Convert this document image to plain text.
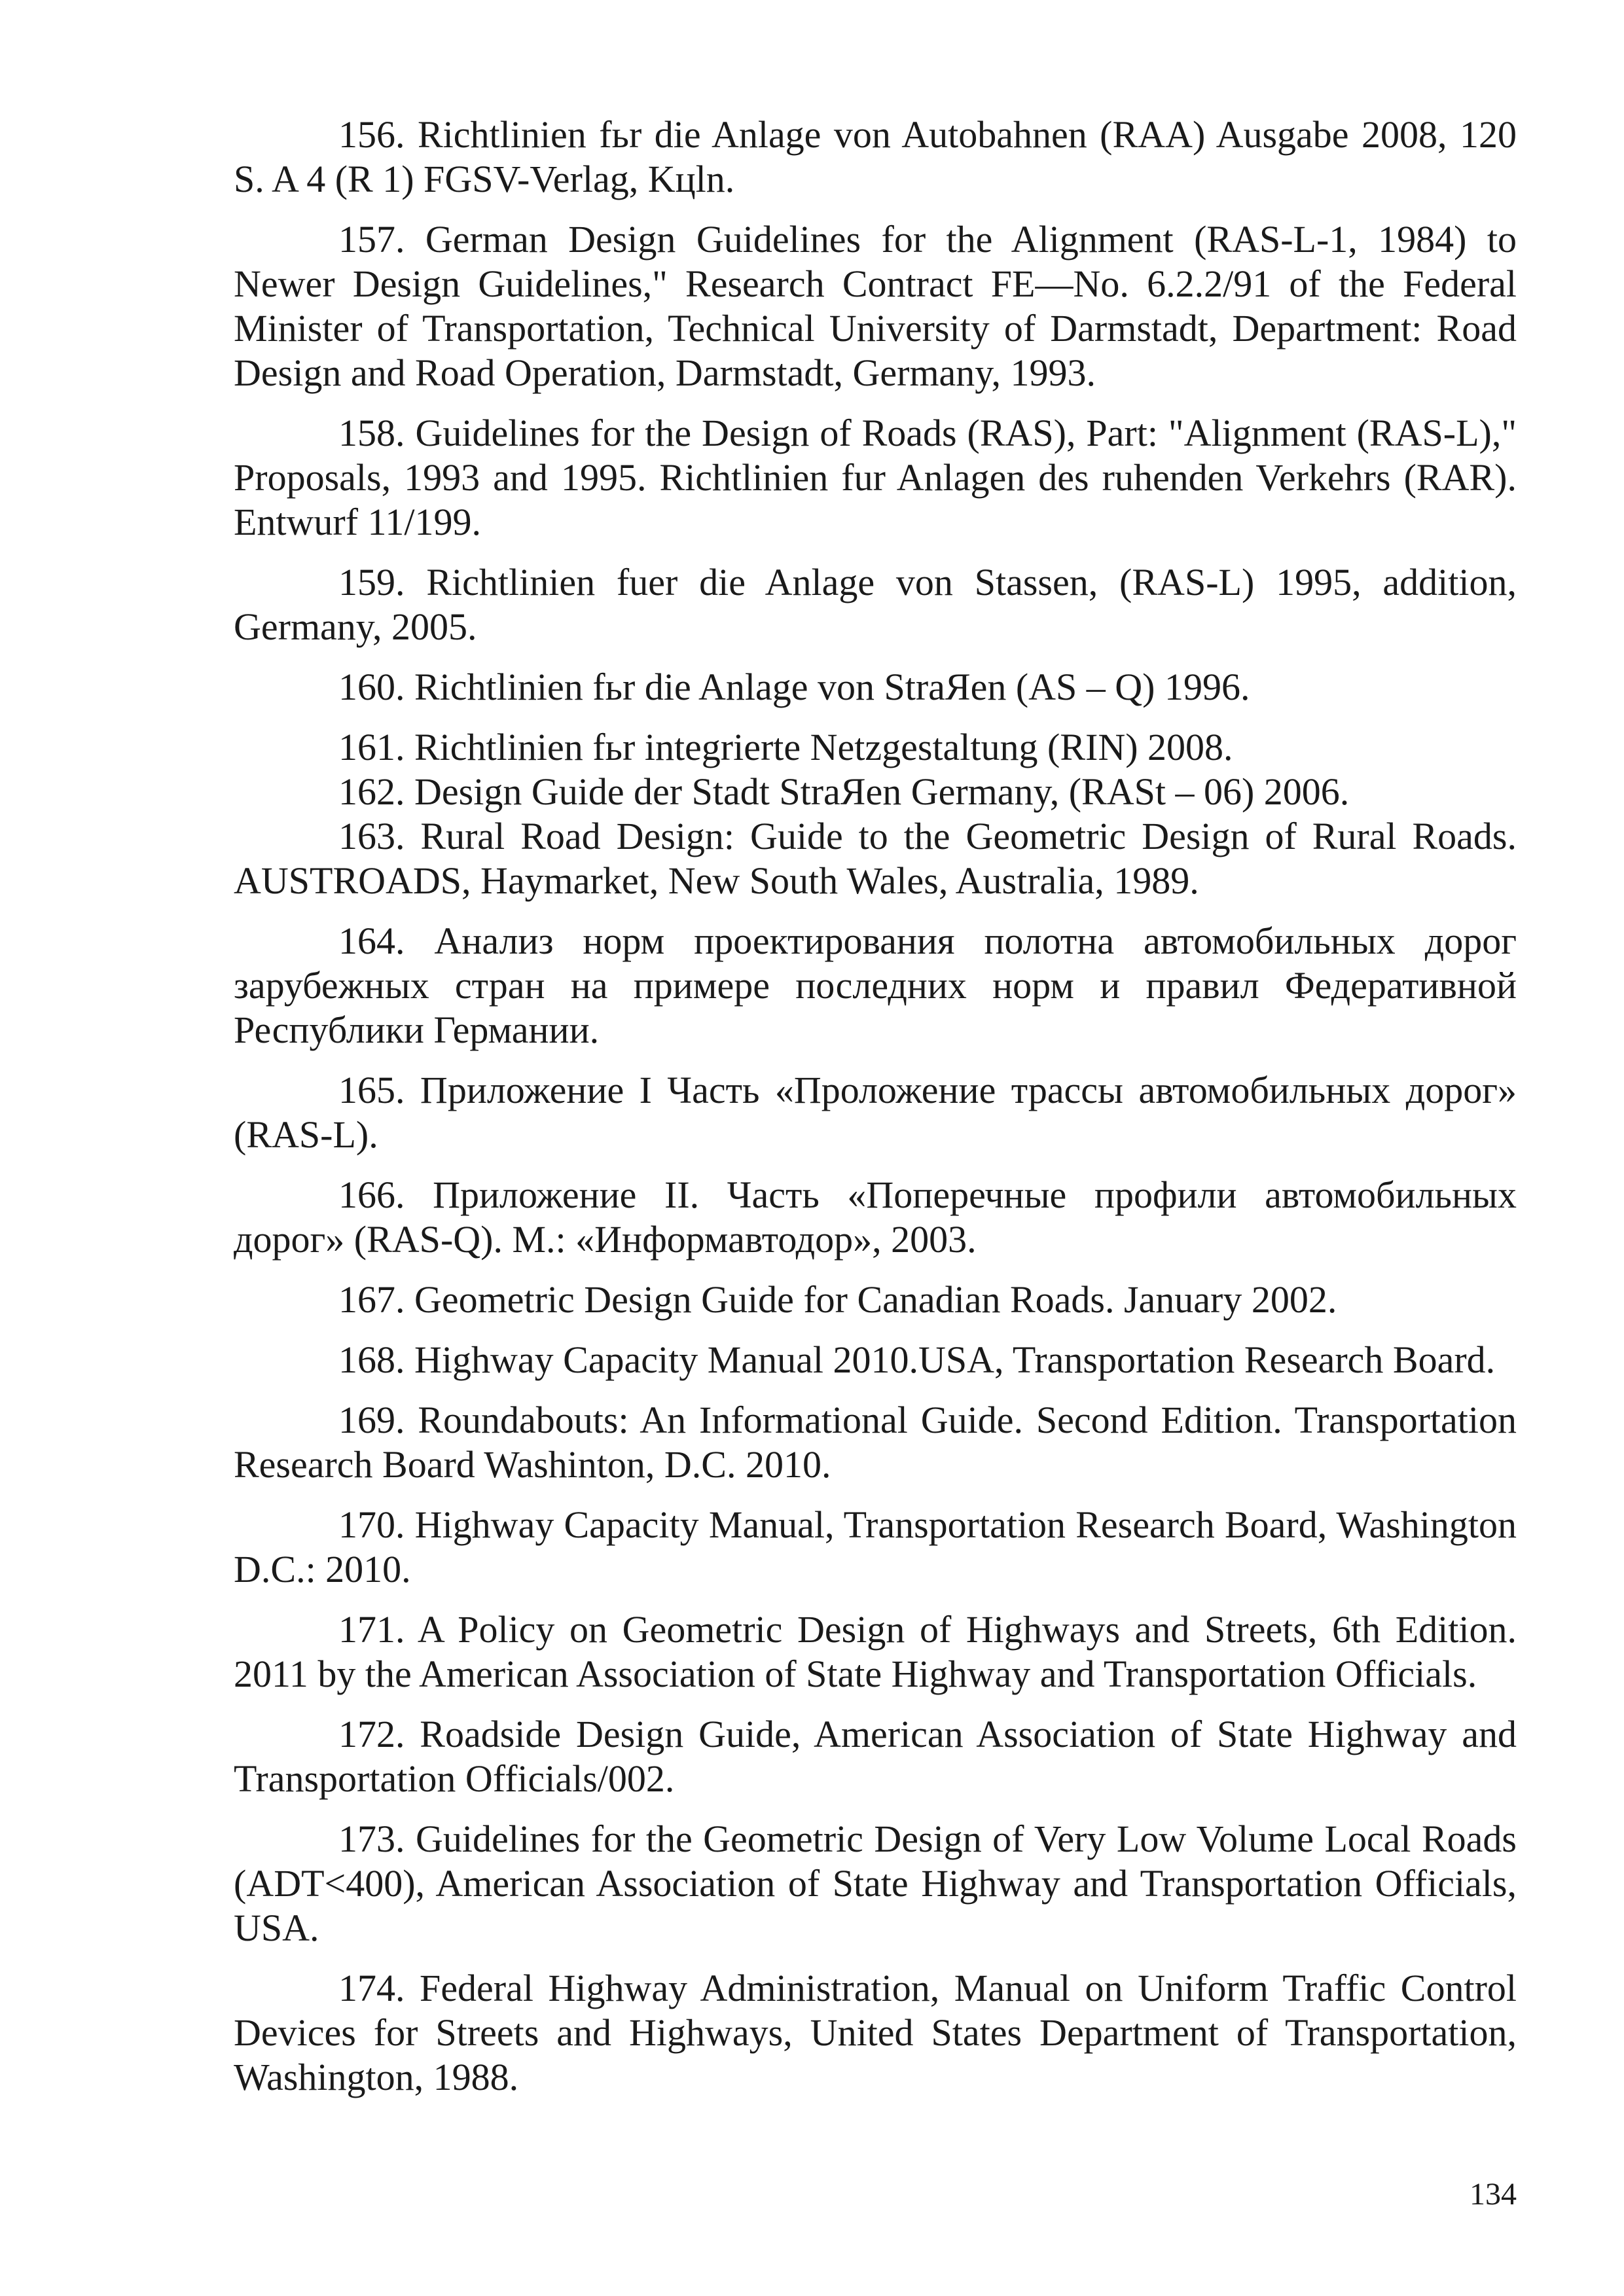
156. Richtlinien fьr die Anlage von Autobahnen (RAA) Ausgabe 2008, 120 S. A 4 (R 1) FGSV-Verlag, Kцln.
157. German Design Guidelines for the Alignment (RAS-L-1, 1984) to Newer Design Guidelines," Research Contract FE—No. 6.2.2/91 of the Federal Minister of Transportation, Technical University of Darmstadt, Department: Road Design and Road Operation, Darmstadt, Germany, 1993.
158. Guidelines for the Design of Roads (RAS), Part: "Alignment (RAS-L)," Proposals, 1993 and 1995. Richtlinien fur Anlagen des ruhenden Verkehrs (RAR). Entwurf 11/199.
159. Richtlinien fuer die Anlage von Stassen, (RAS-L) 1995, addition, Germany, 2005.
160. Richtlinien fьr die Anlage von StraЯen (AS – Q) 1996.
161. Richtlinien fьr integrierte Netzgestaltung (RIN) 2008.
162. Design Guide der Stadt StraЯen Germany, (RASt – 06) 2006.
163. Rural Road Design: Guide to the Geometric Design of Rural Roads. AUSTROADS, Haymarket, New South Wales, Australia, 1989.
164. Анализ норм проектирования полотна автомобильных дорог зарубежных стран на примере последних норм и правил Федеративной Республики Германии.
165. Приложение I Часть «Проложение трассы автомобильных дорог» (RAS-L).
166. Приложение II. Часть «Поперечные профили автомобильных дорог» (RAS-Q). М.: «Информавтодор», 2003.
167. Geometric Design Guide for Canadian Roads. January 2002.
168. Highway Capacity Manual 2010.USA, Transportation Research Board.
169. Roundabouts: An Informational Guide. Second Edition. Transportation Research Board Washinton, D.C. 2010.
170. Highway Capacity Manual, Transportation Research Board, Washington D.C.: 2010.
171. A Policy on Geometric Design of Highways and Streets, 6th Edition. 2011 by the American Association of State Highway and Transportation Officials.
172. Roadside Design Guide, American Association of State Highway and Transportation Officials/002.
173. Guidelines for the Geometric Design of Very Low Volume Local Roads (ADT<400), American Association of State Highway and Transportation Officials, USA.
174. Federal Highway Administration, Manual on Uniform Traffic Control Devices for Streets and Highways, United States Department of Transportation, Washington, 1988.
134
